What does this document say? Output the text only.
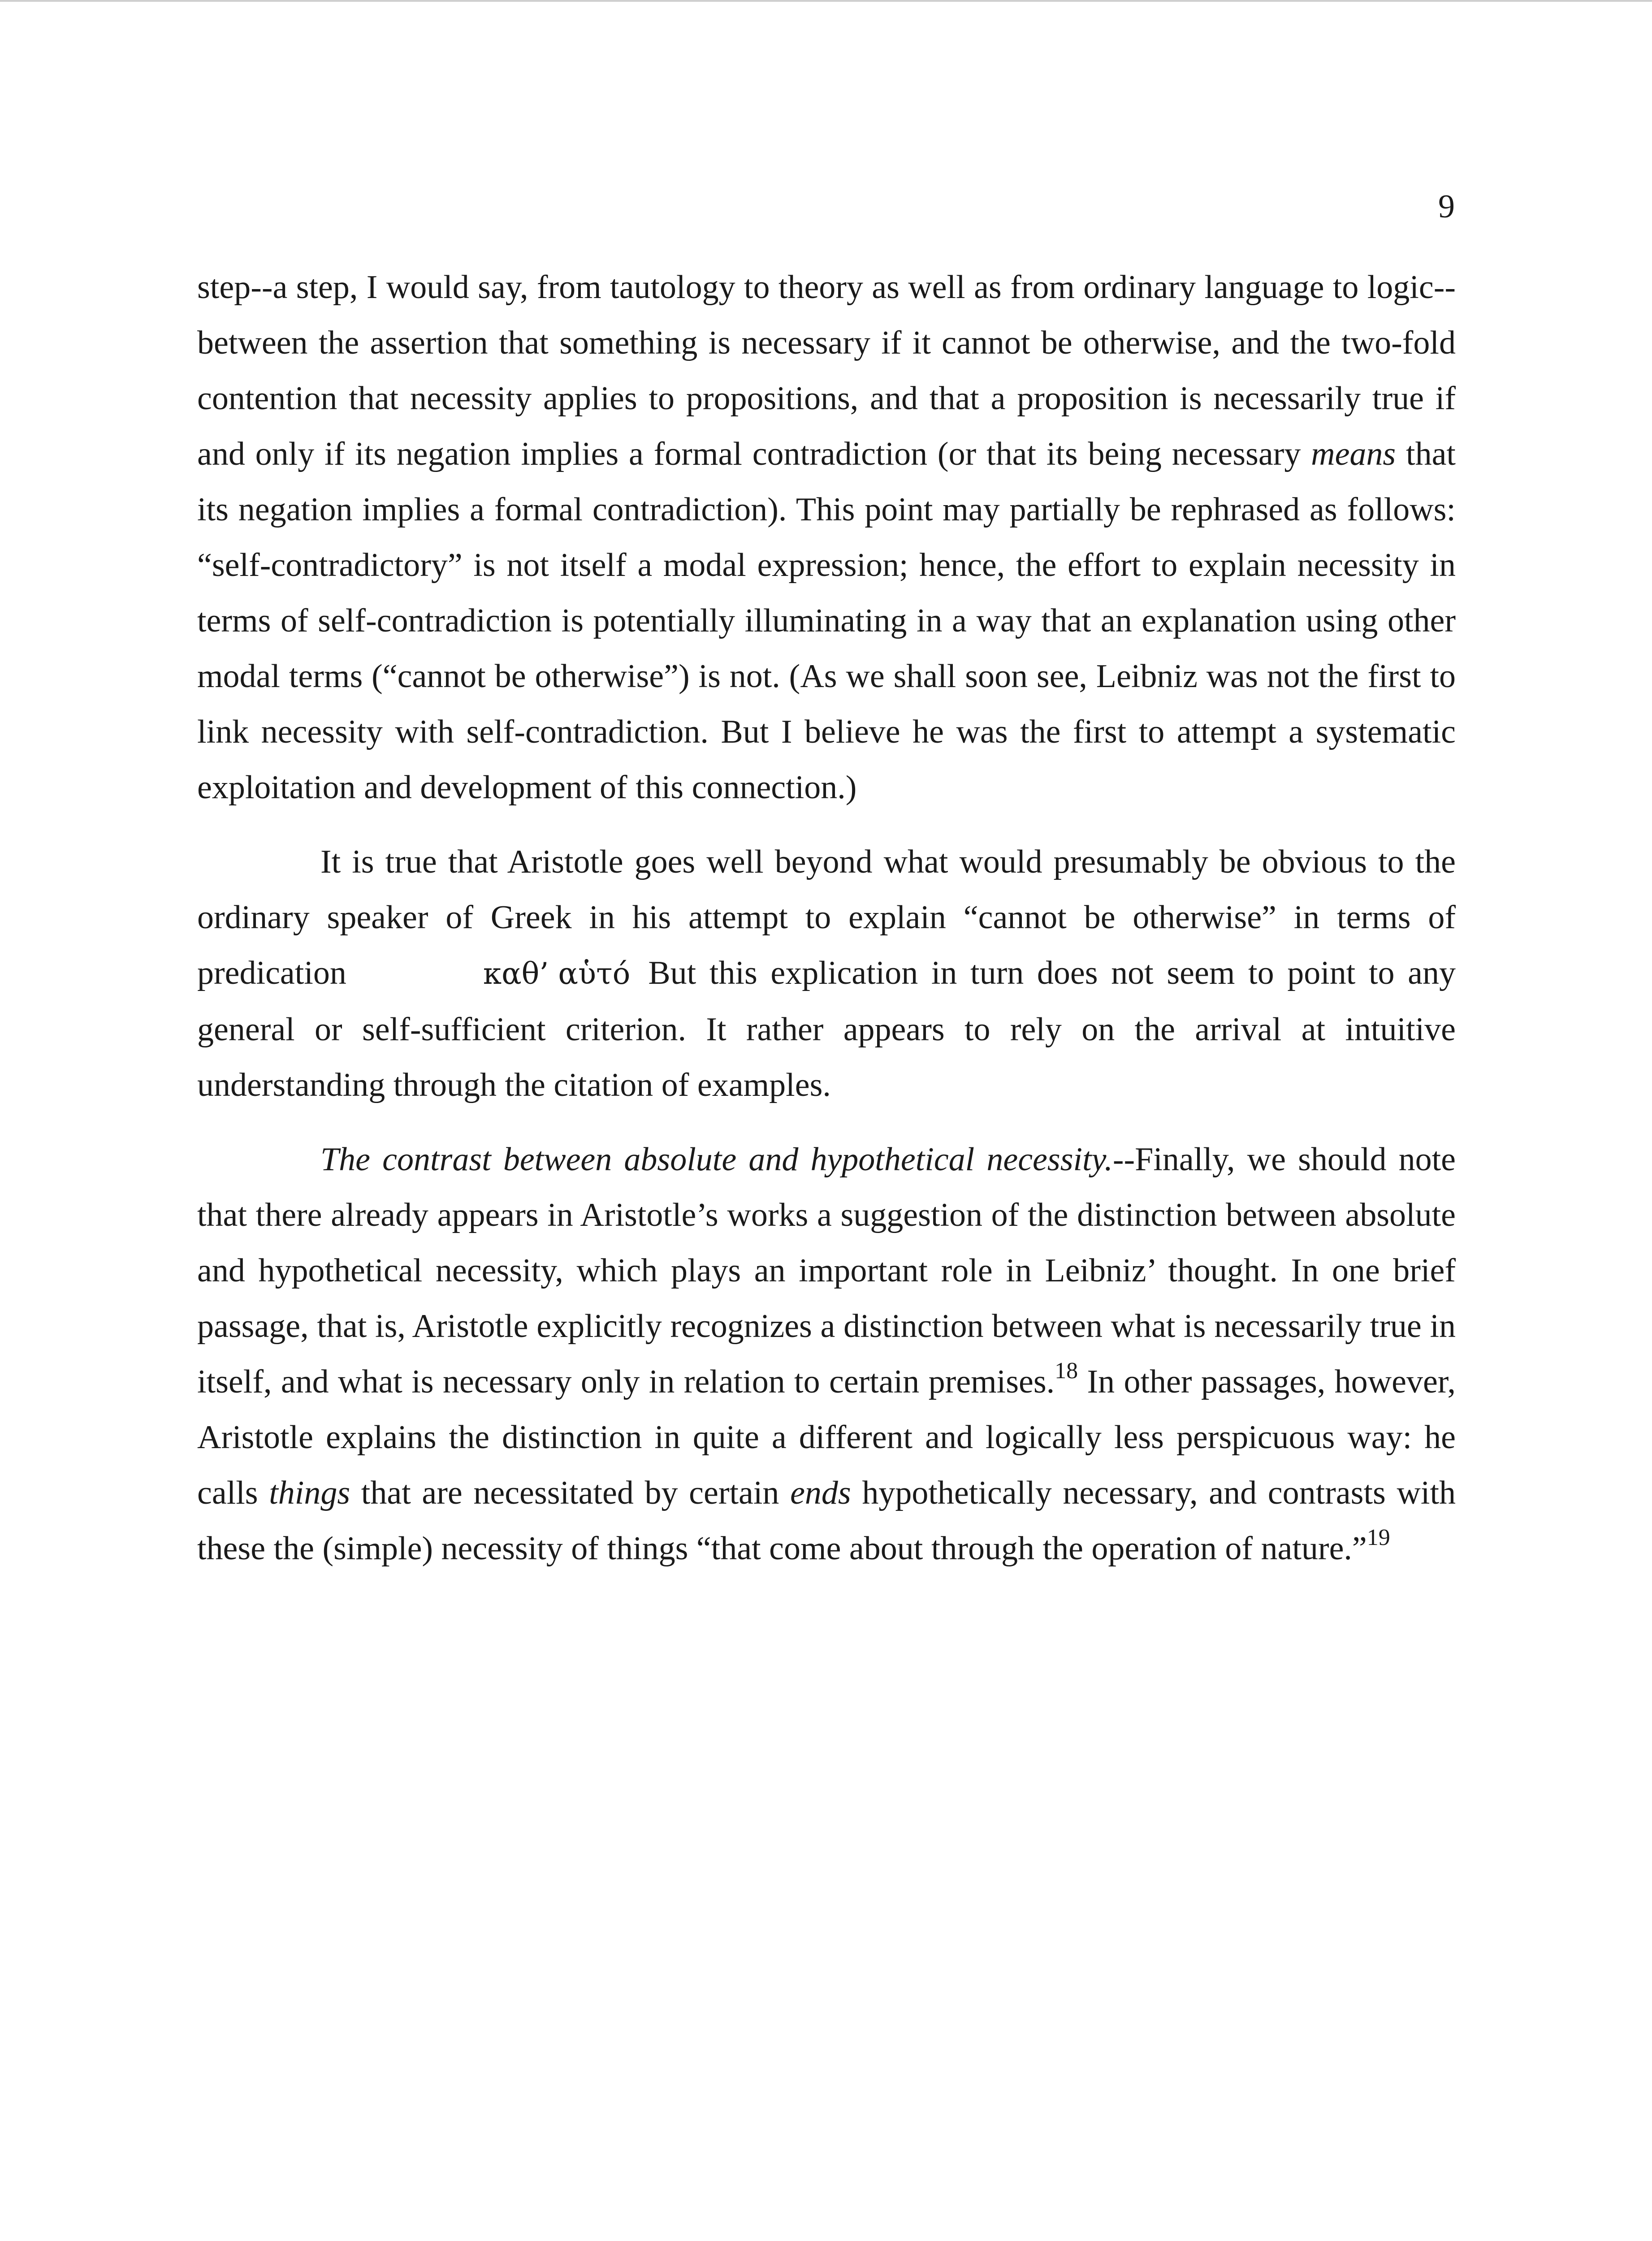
9

step--a step, I would say, from tautology to theory as well as from ordinary language to logic--between the assertion that something is necessary if it cannot be otherwise, and the two-fold contention that necessity applies to propositions, and that a proposition is necessarily true if and only if its negation implies a formal contradiction (or that its being necessary means that its negation implies a formal contradiction). This point may partially be rephrased as follows: “self-contradictory” is not itself a modal expression; hence, the effort to explain necessity in terms of self-contradiction is potentially illuminating in a way that an explanation using other modal terms (“cannot be otherwise”) is not. (As we shall soon see, Leibniz was not the first to link necessity with self-contradiction. But I believe he was the first to attempt a systematic exploitation and development of this connection.)

It is true that Aristotle goes well beyond what would presumably be obvious to the ordinary speaker of Greek in his attempt to explain “cannot be otherwise” in terms of predication	καθ’ αὑτό But this explication in turn does not seem to point to any general or self-sufficient criterion. It rather appears to rely on the arrival at intuitive understanding through the citation of examples.

The contrast between absolute and hypothetical necessity.--Finally, we should note that there already appears in Aristotle’s works a suggestion of the distinction between absolute and hypothetical necessity, which plays an important role in Leibniz’ thought. In one brief passage, that is, Aristotle explicitly recognizes a distinction between what is necessarily true in itself, and what is necessary only in relation to certain premises.$^{18}$ In other passages, however, Aristotle explains the distinction in quite a different and logically less perspicuous way: he calls things that are necessitated by certain ends hypothetically necessary, and contrasts with these the (simple) necessity of things “that come about through the operation of nature.”$^{19}$
